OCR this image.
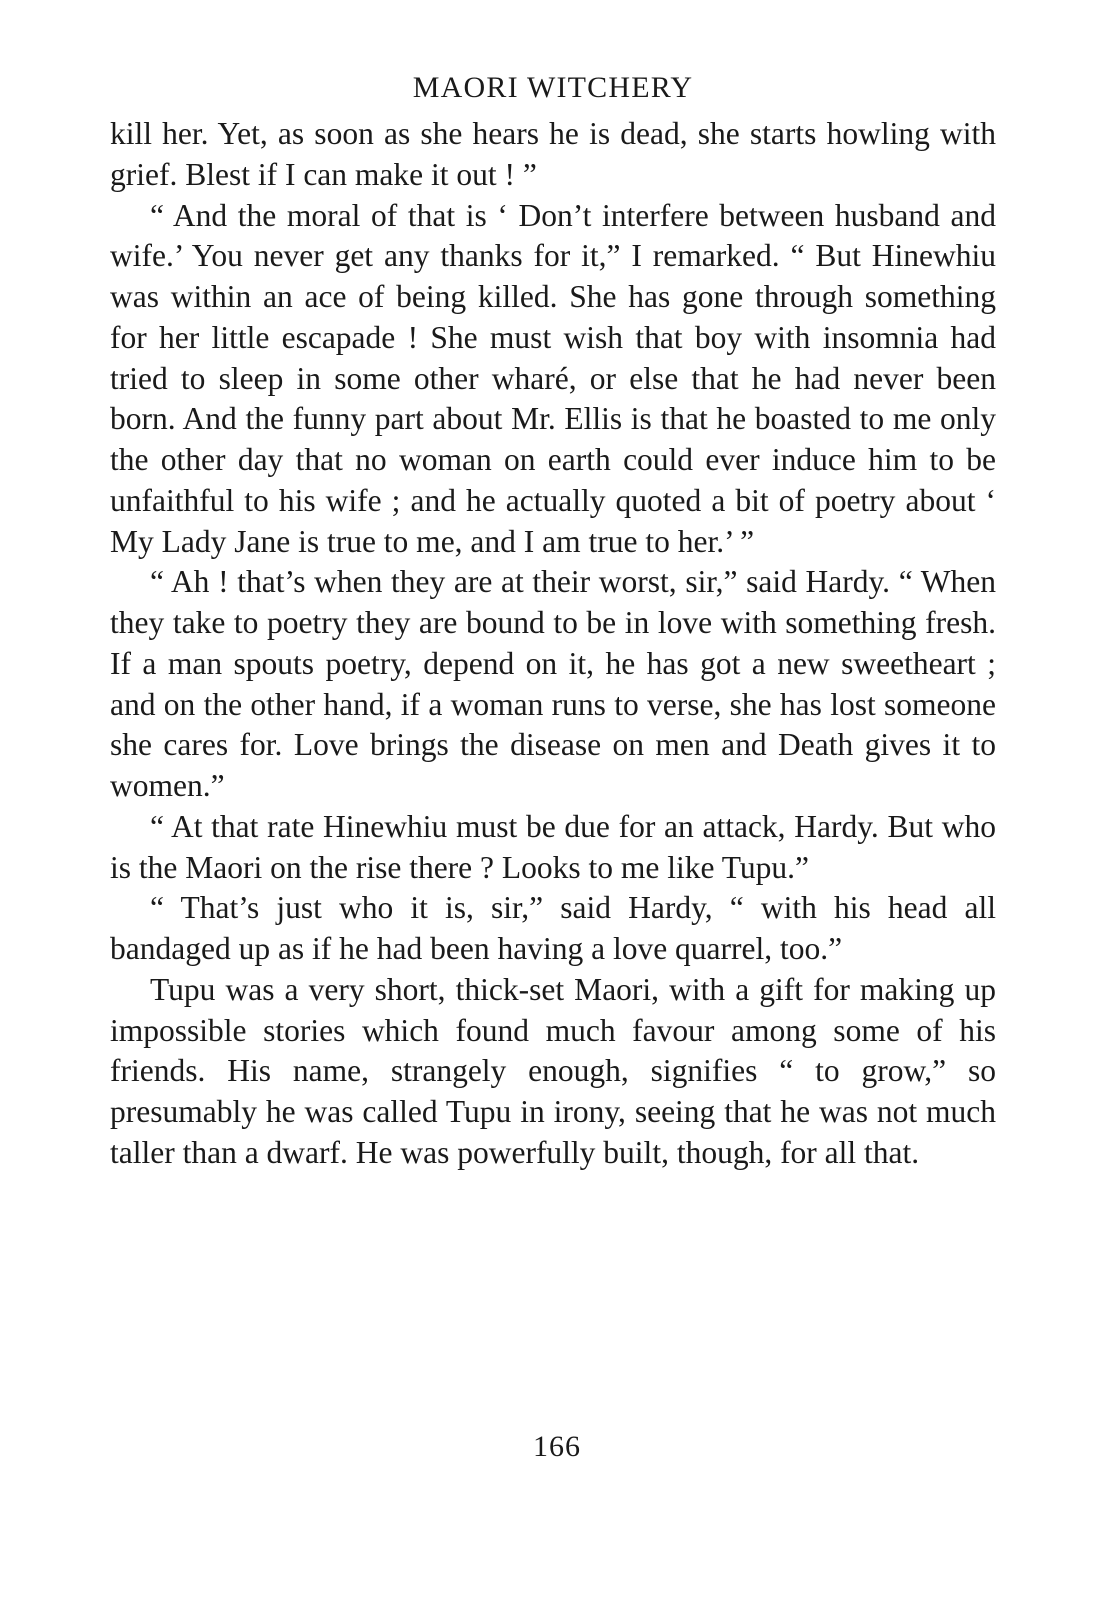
MAORI WITCHERY

kill her. Yet, as soon as she hears he is dead, she starts howling with grief. Blest if I can make it out ! ”

“ And the moral of that is ‘ Don’t interfere between husband and wife.’ You never get any thanks for it,” I remarked. “ But Hinewhiu was within an ace of being killed. She has gone through something for her little escapade ! She must wish that boy with insomnia had tried to sleep in some other wharé, or else that he had never been born. And the funny part about Mr. Ellis is that he boasted to me only the other day that no woman on earth could ever induce him to be unfaithful to his wife ; and he actually quoted a bit of poetry about ‘ My Lady Jane is true to me, and I am true to her.’ ”

“ Ah ! that’s when they are at their worst, sir,” said Hardy. “ When they take to poetry they are bound to be in love with something fresh. If a man spouts poetry, depend on it, he has got a new sweetheart ; and on the other hand, if a woman runs to verse, she has lost someone she cares for. Love brings the disease on men and Death gives it to women.”

“ At that rate Hinewhiu must be due for an attack, Hardy. But who is the Maori on the rise there ? Looks to me like Tupu.”

“ That’s just who it is, sir,” said Hardy, “ with his head all bandaged up as if he had been having a love quarrel, too.”

Tupu was a very short, thick-set Maori, with a gift for making up impossible stories which found much favour among some of his friends. His name, strangely enough, signifies “ to grow,” so presumably he was called Tupu in irony, seeing that he was not much taller than a dwarf. He was powerfully built, though, for all that.

166
